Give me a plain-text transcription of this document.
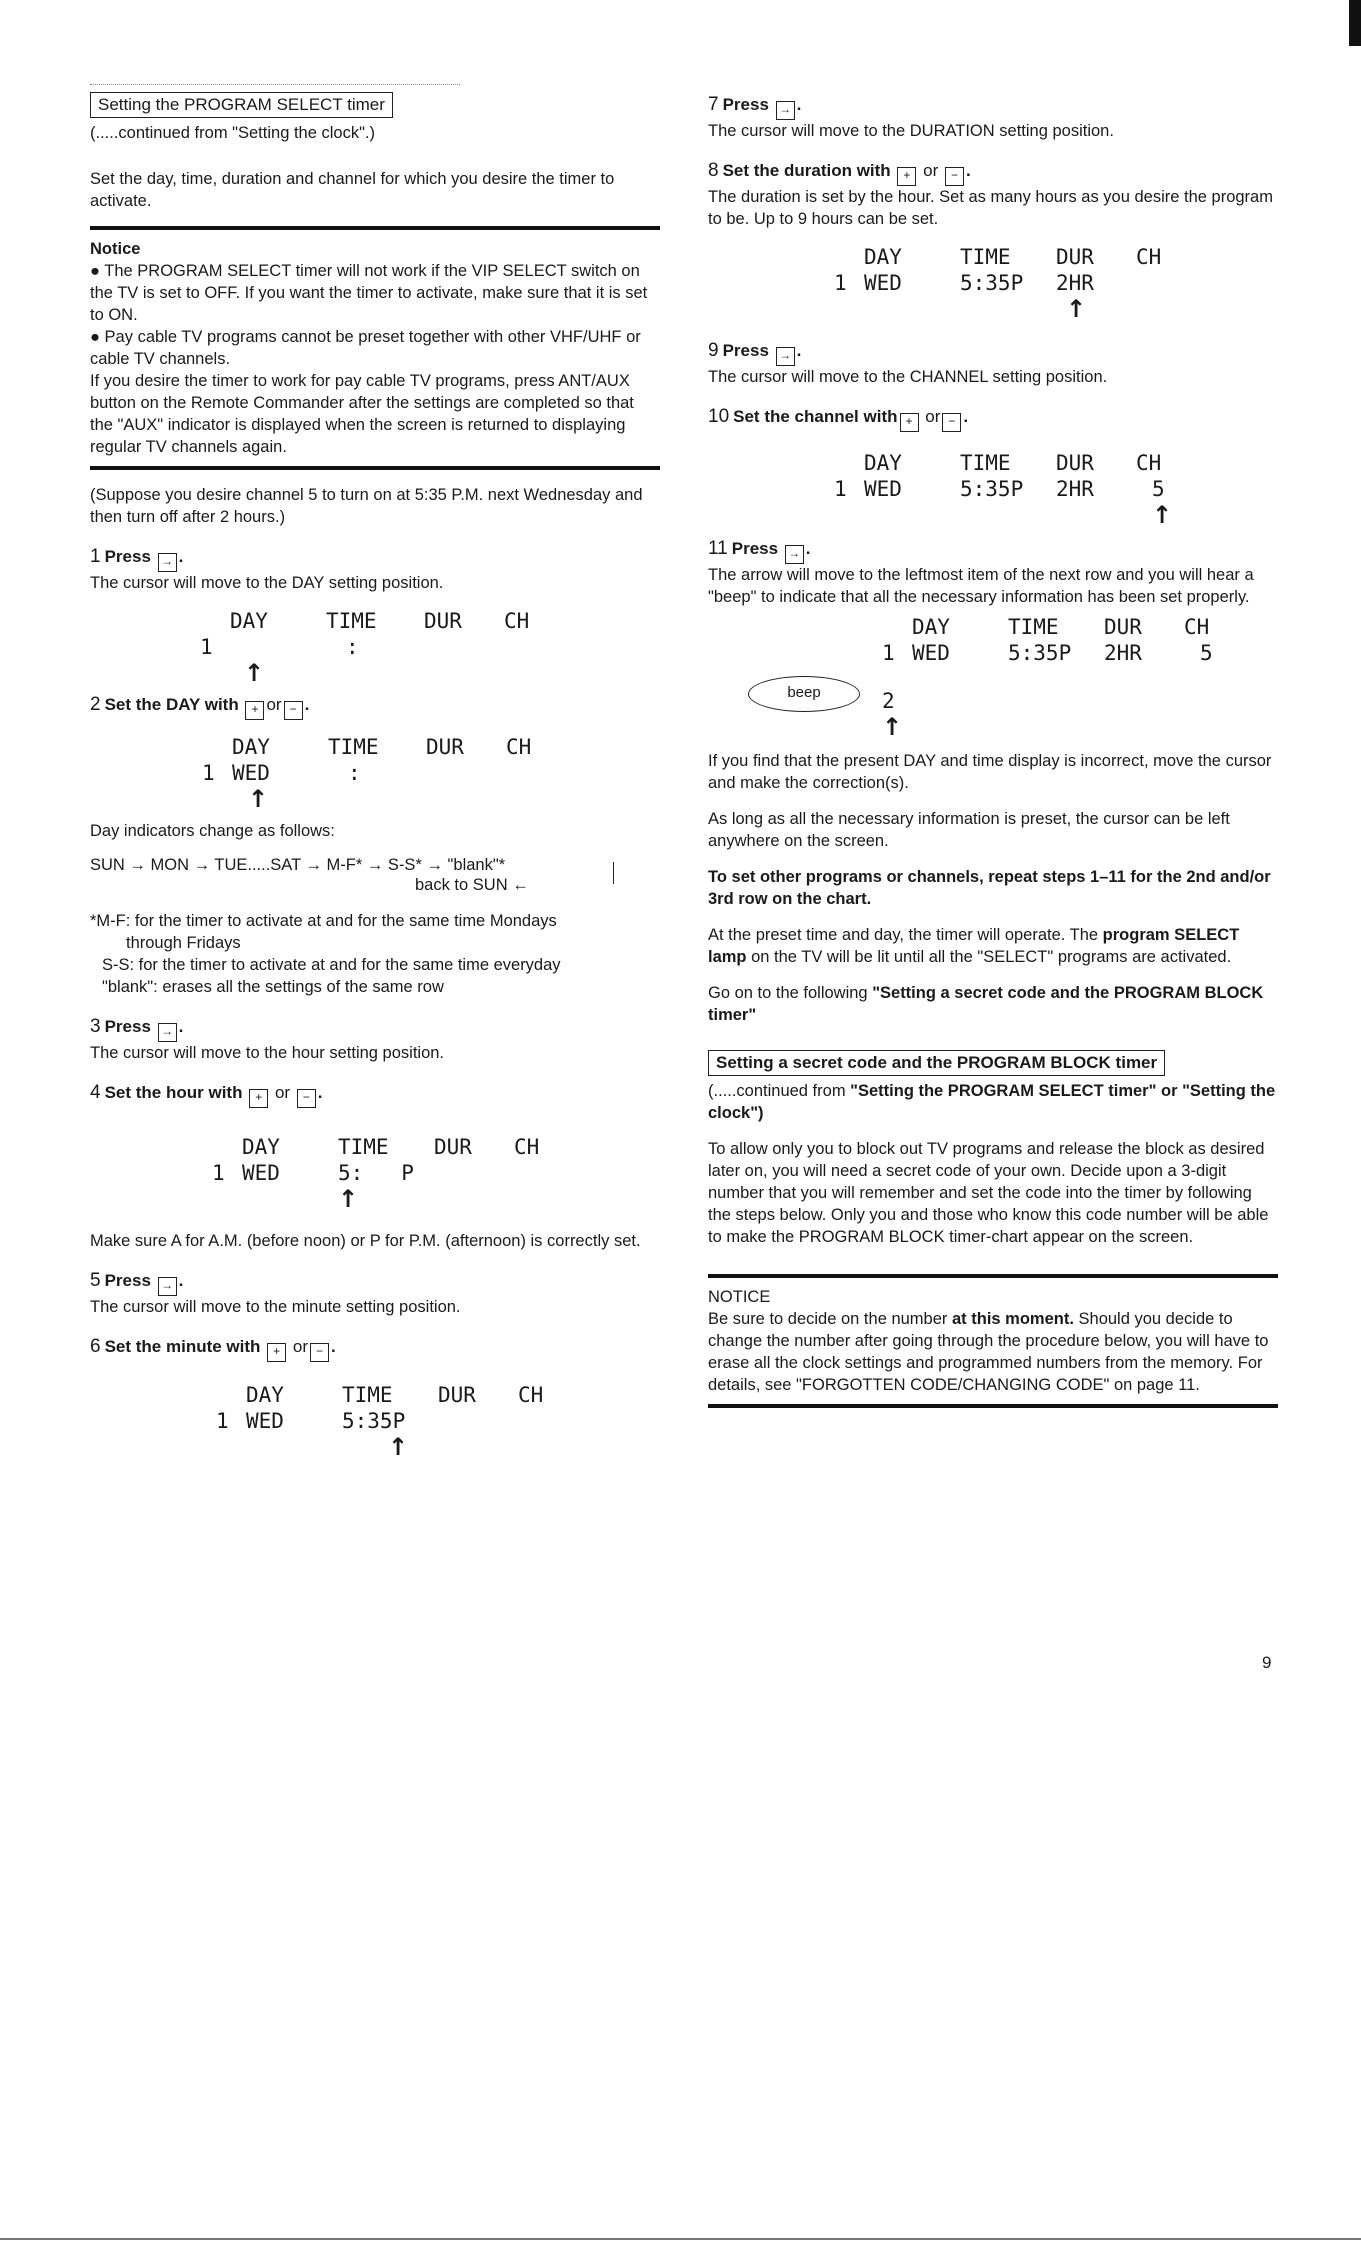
Setting the PROGRAM SELECT timer

(.....continued from "Setting the clock".)

Set the day, time, duration and channel for which you desire the timer to activate.

Notice

● The PROGRAM SELECT timer will not work if the VIP SELECT switch on the TV is set to OFF. If you want the timer to activate, make sure that it is set to ON.

● Pay cable TV programs cannot be preset together with other VHF/UHF or cable TV channels.

If you desire the timer to work for pay cable TV programs, press ANT/AUX button on the Remote Commander after the settings are completed so that the "AUX" indicator is displayed when the screen is returned to displaying regular TV channels again.

(Suppose you desire channel 5 to turn on at 5:35 P.M. next Wednesday and then turn off after 2 hours.)

1 Press → .

The cursor will move to the DAY setting position.

DAY	TIME DUR CH
1	:
↑
2 Set the DAY with + or − .
DAY	TIME DUR CH
1 WED	:
↑

Day indicators change as follows:

SUN → MON → TUE.....SAT → M-F* → S-S* → "blank"*
back to SUN ←

*M-F: for the timer to activate at and for the same time Mondays

through Fridays

S-S: for the timer to activate at and for the same time everyday

"blank": erases all the settings of the same row

3 Press → .

The cursor will move to the hour setting position.

4 Set the hour with + or − .
DAY	TIME DUR CH
1 WED	5:   P
↑

Make sure A for A.M. (before noon) or P for P.M. (afternoon) is correctly set.

5 Press → .

The cursor will move to the minute setting position.

6 Set the minute with + or − .
DAY	TIME DUR CH
1 WED	5:35P
↑
7 Press → .

The cursor will move to the DURATION setting position.

8 Set the duration with + or − .

The duration is set by the hour. Set as many hours as you desire the program to be. Up to 9 hours can be set.

DAY	TIME DUR CH
1 WED	5:35P 2HR
↑
9 Press → .

The cursor will move to the CHANNEL setting position.

10 Set the channel with + or − .
DAY	TIME DUR CH
1 WED	5:35P 2HR	5
↑
11 Press → .

The arrow will move to the leftmost item of the next row and you will hear a "beep" to indicate that all the necessary information has been set properly.

DAY	TIME DUR CH
1 WED	5:35P 2HR	5

beep

	2
↑

If you find that the present DAY and time display is incorrect, move the cursor and make the correction(s).

As long as all the necessary information is preset, the cursor can be left anywhere on the screen.

To set other programs or channels, repeat steps 1–11 for the 2nd and/or 3rd row on the chart.

At the preset time and day, the timer will operate. The program SELECT lamp on the TV will be lit until all the "SELECT" programs are activated.

Go on to the following "Setting a secret code and the PROGRAM BLOCK timer"

Setting a secret code and the PROGRAM BLOCK timer

(.....continued from "Setting the PROGRAM SELECT timer" or "Setting the clock")

To allow only you to block out TV programs and release the block as desired later on, you will need a secret code of your own. Decide upon a 3-digit number that you will remember and set the code into the timer by following the steps below. Only you and those who know this code number will be able to make the PROGRAM BLOCK timer-chart appear on the screen.

NOTICE

Be sure to decide on the number at this moment. Should you decide to change the number after going through the procedure below, you will have to erase all the clock settings and programmed numbers from the memory. For details, see "FORGOTTEN CODE/CHANGING CODE" on page 11.

9
